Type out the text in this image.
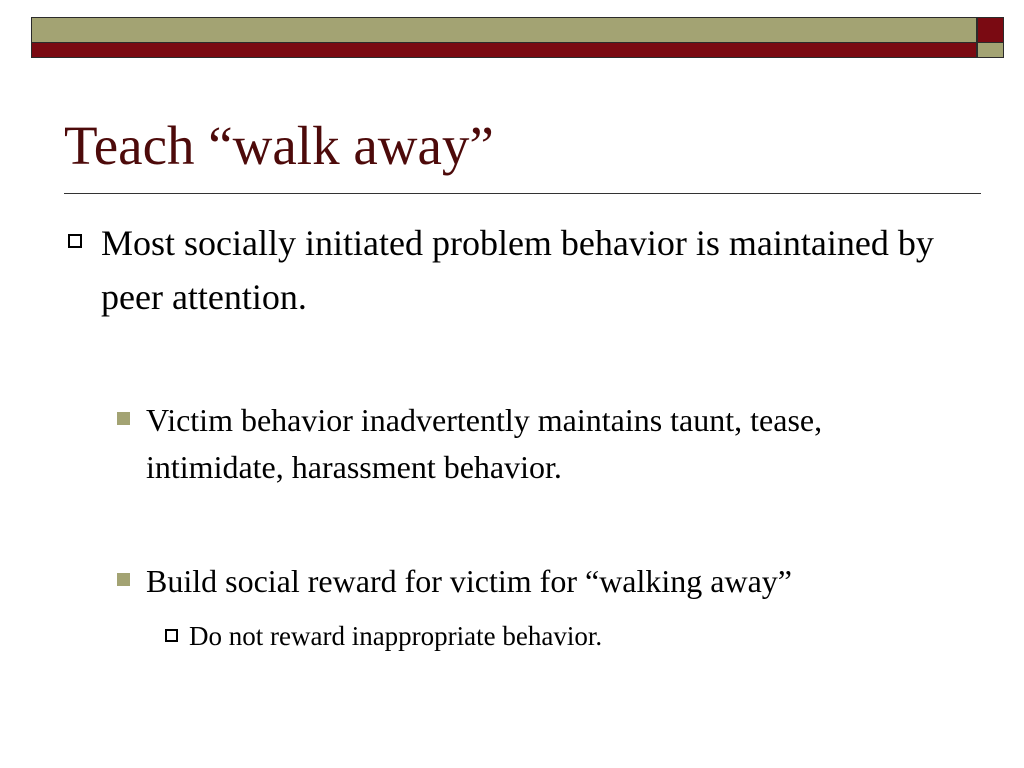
Teach “walk away”
Most socially initiated problem behavior is maintained by peer attention.
Victim behavior inadvertently maintains taunt, tease, intimidate, harassment behavior.
Build social reward for victim for “walking away”
Do not reward inappropriate behavior.
